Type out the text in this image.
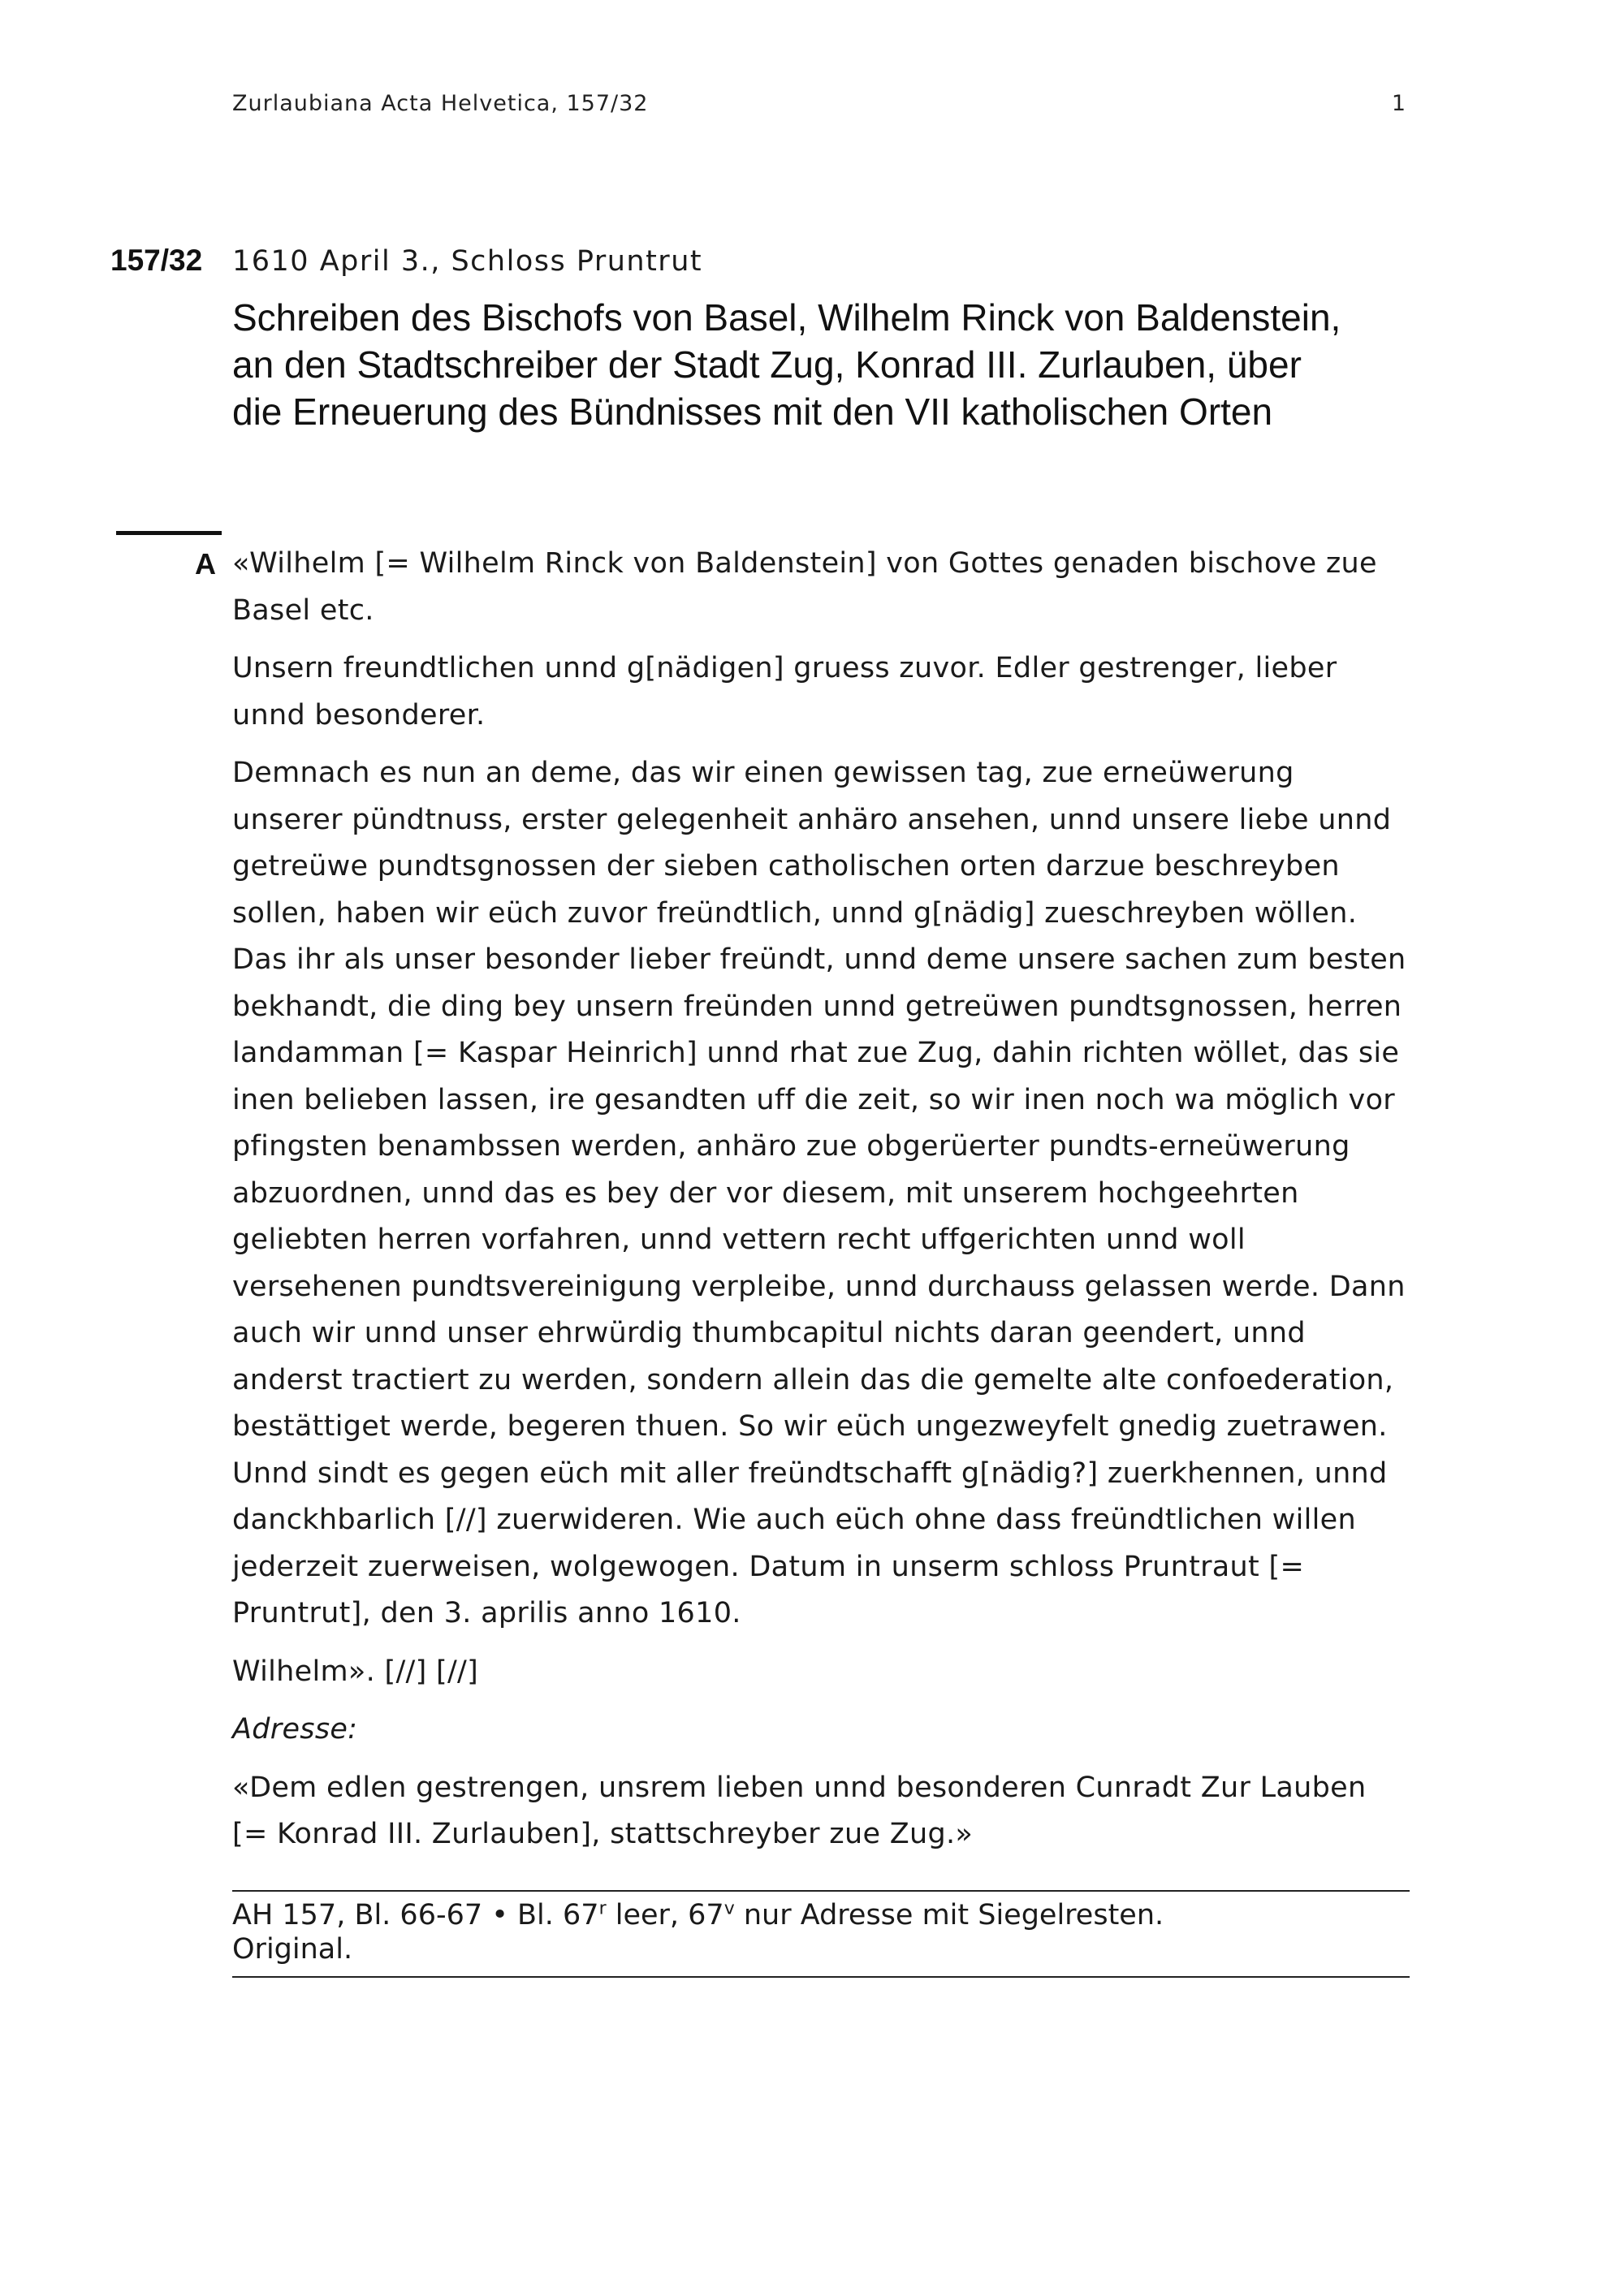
Zurlaubiana Acta Helvetica, 157/32	1
157/32 1610 April 3., Schloss Pruntrut
Schreiben des Bischofs von Basel, Wilhelm Rinck von Baldenstein, an den Stadtschreiber der Stadt Zug, Konrad III. Zurlauben, über die Erneuerung des Bündnisses mit den VII katholischen Orten
A «Wilhelm [= Wilhelm Rinck von Baldenstein] von Gottes genaden bischove zue Basel etc.

Unsern freundtlichen unnd g[nädigen] gruess zuvor. Edler gestrenger, lieber unnd besonderer.

Demnach es nun an deme, das wir einen gewissen tag, zue erneüwerung unserer pündtnuss, erster gelegenheit anhäro ansehen, unnd unsere liebe unnd getreüwe pundtsgnossen der sieben catholischen orten darzue beschreyben sollen, haben wir eüch zuvor freündtlich, unnd g[nädig] zueschreyben wöllen. Das ihr als unser besonder lieber freündt, unnd deme unsere sachen zum besten bekhandt, die ding bey unsern freünden unnd getreüwen pundtsgnossen, herren landamman [= Kaspar Heinrich] unnd rhat zue Zug, dahin richten wöllet, das sie inen belieben lassen, ire gesandten uff die zeit, so wir inen noch wa möglich vor pfingsten benambssen werden, anhäro zue obgerüerter pundts-erneüwerung abzuordnen, unnd das es bey der vor diesem, mit unserem hochgeehrten geliebten herren vorfahren, unnd vettern recht uffgerichten unnd woll versehenen pundtsvereinigung verpleibe, unnd durchauss gelassen werde. Dann auch wir unnd unser ehrwürdig thumbcapitul nichts daran geendert, unnd anderst tractiert zu werden, sondern allein das die gemelte alte confoederation, bestättiget werde, begeren thuen. So wir eüch ungezweyfelt gnedig zuetrawen. Unnd sindt es gegen eüch mit aller freündtschafft g[nädig?] zuerkhennen, unnd danckhbarlich [//] zuerwideren. Wie auch eüch ohne dass freündtlichen willen jederzeit zuerweisen, wolgewogen. Datum in unserm schloss Pruntraut [= Pruntrut], den 3. aprilis anno 1610.

Wilhelm». [//] [//]

Adresse:

«Dem edlen gestrengen, unsrem lieben unnd besonderen Cunradt Zur Lauben [= Konrad III. Zurlauben], stattschreyber zue Zug.»

AH 157, Bl. 66-67 • Bl. 67$^r$ leer, 67$^v$ nur Adresse mit Siegelresten.
Original.
